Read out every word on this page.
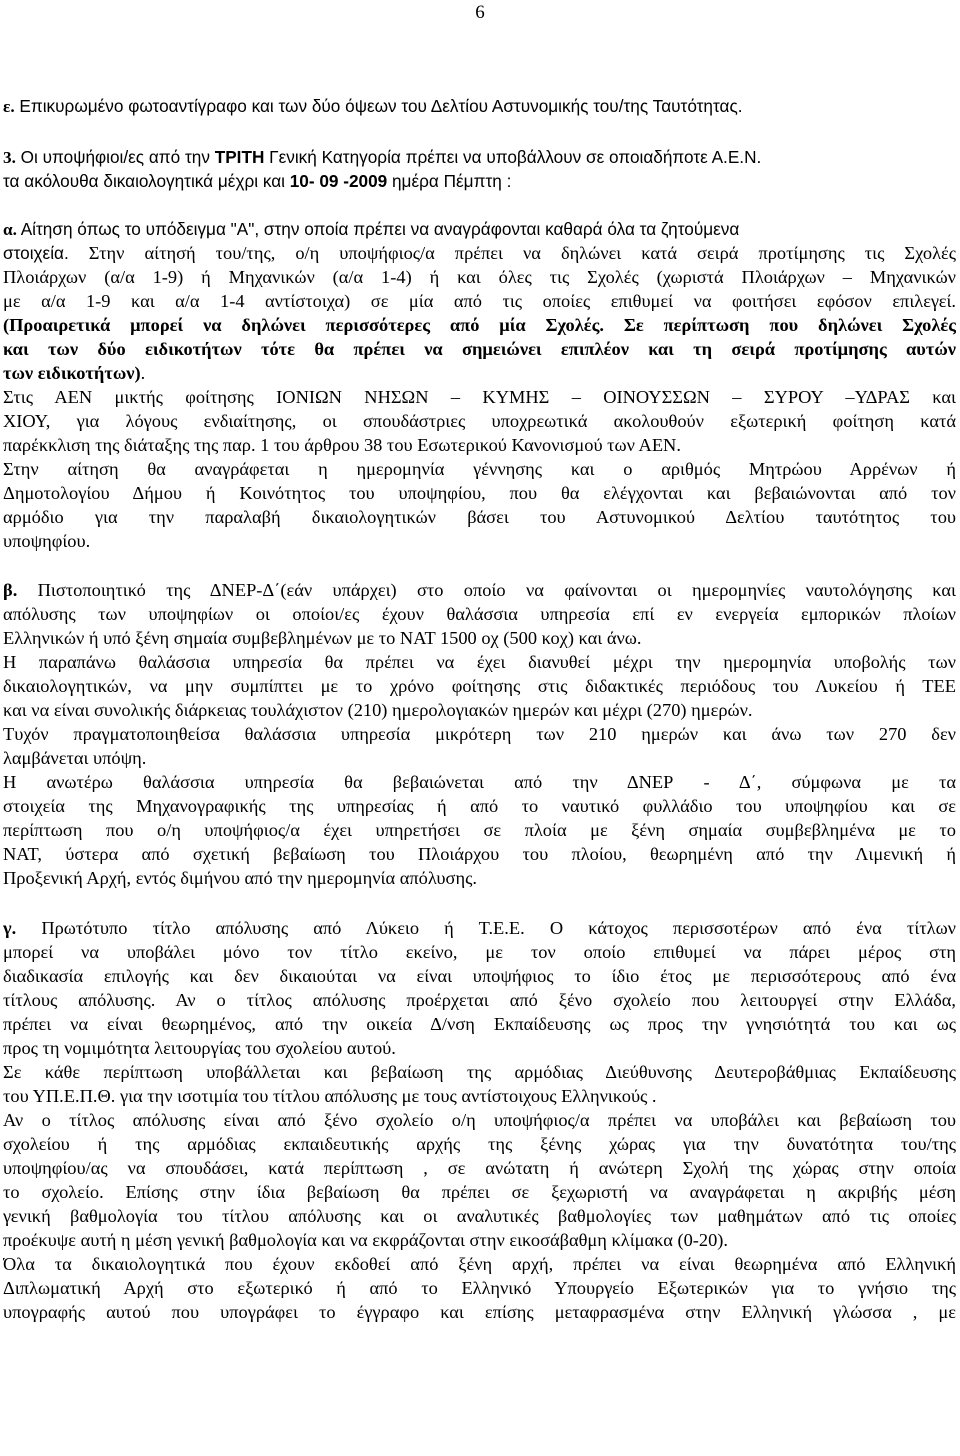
6
ε. Επικυρωμένο φωτοαντίγραφο και των δύο όψεων του Δελτίου Αστυνομικής του/της Ταυτότητας.
3. Οι υποψήφιοι/ες από την ΤΡΙΤΗ Γενική Κατηγορία πρέπει να υποβάλλουν σε οποιαδήποτε Α.Ε.Ν.
τα ακόλουθα δικαιολογητικά μέχρι και 10- 09 -2009 ημέρα Πέμπτη :
α. Αίτηση όπως το υπόδειγμα "Α", στην οποία πρέπει να αναγράφονται καθαρά όλα τα ζητούμενα
στοιχεία. Στην αίτησή του/της, ο/η υποψήφιος/α πρέπει να δηλώνει κατά σειρά προτίμησης τις Σχολές
Πλοιάρχων (α/α 1-9) ή Μηχανικών (α/α 1-4) ή και όλες τις Σχολές (χωριστά Πλοιάρχων – Μηχανικών
με α/α 1-9 και α/α 1-4 αντίστοιχα) σε μία από τις οποίες επιθυμεί να φοιτήσει εφόσον επιλεγεί.
(Προαιρετικά μπορεί να δηλώνει περισσότερες από μία Σχολές. Σε περίπτωση που δηλώνει Σχολές
και των δύο ειδικοτήτων τότε θα πρέπει να σημειώνει επιπλέον και τη σειρά προτίμησης αυτών
των ειδικοτήτων).
Στις ΑΕΝ μικτής φοίτησης ΙΟΝΙΩΝ ΝΗΣΩΝ – ΚΥΜΗΣ – ΟΙΝΟΥΣΣΩΝ – ΣΥΡΟΥ –ΥΔΡΑΣ και
ΧΙΟΥ, για λόγους ενδιαίτησης, οι σπουδάστριες υποχρεωτικά ακολουθούν εξωτερική φοίτηση κατά
παρέκκλιση της διάταξης της παρ. 1 του άρθρου 38 του Εσωτερικού Κανονισμού των ΑΕΝ.
Στην αίτηση θα αναγράφεται η ημερομηνία γέννησης και ο αριθμός Μητρώου Αρρένων ή
Δημοτολογίου Δήμου ή Κοινότητος του υποψηφίου, που θα ελέγχονται και βεβαιώνονται από τον
αρμόδιο για την παραλαβή δικαιολογητικών βάσει του Αστυνομικού Δελτίου ταυτότητος του
υποψηφίου.
β. Πιστοποιητικό της ΔΝΕΡ-Δ΄(εάν υπάρχει) στο οποίο να φαίνονται οι ημερομηνίες ναυτολόγησης και
απόλυσης των υποψηφίων οι οποίοι/ες έχουν θαλάσσια υπηρεσία επί εν ενεργεία εμπορικών πλοίων
Ελληνικών ή υπό ξένη σημαία συμβεβλημένων με το ΝΑΤ 1500 οχ (500 κοχ) και άνω.
Η παραπάνω θαλάσσια υπηρεσία θα πρέπει να έχει διανυθεί μέχρι την ημερομηνία υποβολής των
δικαιολογητικών, να μην συμπίπτει με το χρόνο φοίτησης στις διδακτικές περιόδους του Λυκείου ή ΤΕΕ
και να είναι συνολικής διάρκειας τουλάχιστον (210) ημερολογιακών ημερών και μέχρι (270) ημερών.
Τυχόν πραγματοποιηθείσα θαλάσσια υπηρεσία μικρότερη των 210 ημερών και άνω των 270 δεν
λαμβάνεται υπόψη.
Η ανωτέρω θαλάσσια υπηρεσία θα βεβαιώνεται από την ΔΝΕΡ - Δ΄, σύμφωνα με τα
στοιχεία της Μηχανογραφικής της υπηρεσίας ή από το ναυτικό φυλλάδιο του υποψηφίου και σε
περίπτωση που ο/η υποψήφιος/α έχει υπηρετήσει σε πλοία με ξένη σημαία συμβεβλημένα με το
ΝΑΤ, ύστερα από σχετική βεβαίωση του Πλοιάρχου του πλοίου, θεωρημένη από την Λιμενική ή
Προξενική Αρχή, εντός διμήνου από την ημερομηνία απόλυσης.
γ. Πρωτότυπο τίτλο απόλυσης από Λύκειο ή Τ.Ε.Ε. Ο κάτοχος περισσοτέρων από ένα τίτλων
μπορεί να υποβάλει μόνο τον τίτλο εκείνο, με τον οποίο επιθυμεί να πάρει μέρος στη
διαδικασία επιλογής και δεν δικαιούται να είναι υποψήφιος το ίδιο έτος με περισσότερους από ένα
τίτλους απόλυσης. Αν ο τίτλος απόλυσης προέρχεται από ξένο σχολείο που λειτουργεί στην Ελλάδα,
πρέπει να είναι θεωρημένος, από την οικεία Δ/νση Εκπαίδευσης ως προς την γνησιότητά του και ως
προς τη νομιμότητα λειτουργίας του σχολείου αυτού.
Σε κάθε περίπτωση υποβάλλεται και βεβαίωση της αρμόδιας Διεύθυνσης Δευτεροβάθμιας Εκπαίδευσης
του ΥΠ.Ε.Π.Θ. για την ισοτιμία του τίτλου απόλυσης με τους αντίστοιχους Ελληνικούς .
Αν ο τίτλος απόλυσης είναι από ξένο σχολείο ο/η υποψήφιος/α πρέπει να υποβάλει και βεβαίωση του
σχολείου ή της αρμόδιας εκπαιδευτικής αρχής της ξένης χώρας για την δυνατότητα του/της
υποψηφίου/ας να σπουδάσει, κατά περίπτωση , σε ανώτατη ή ανώτερη Σχολή της χώρας στην οποία
το σχολείο. Επίσης στην ίδια βεβαίωση θα πρέπει σε ξεχωριστή να αναγράφεται η ακριβής μέση
γενική βαθμολογία του τίτλου απόλυσης και οι αναλυτικές βαθμολογίες των μαθημάτων από τις οποίες
προέκυψε αυτή η μέση γενική βαθμολογία και να εκφράζονται στην εικοσάβαθμη κλίμακα (0-20).
Όλα τα δικαιολογητικά που έχουν εκδοθεί από ξένη αρχή, πρέπει να είναι θεωρημένα από Ελληνική
Διπλωματική Αρχή στο εξωτερικό ή από το Ελληνικό Υπουργείο Εξωτερικών για το γνήσιο της
υπογραφής αυτού που υπογράφει το έγγραφο και επίσης μεταφρασμένα στην Ελληνική γλώσσα , με
